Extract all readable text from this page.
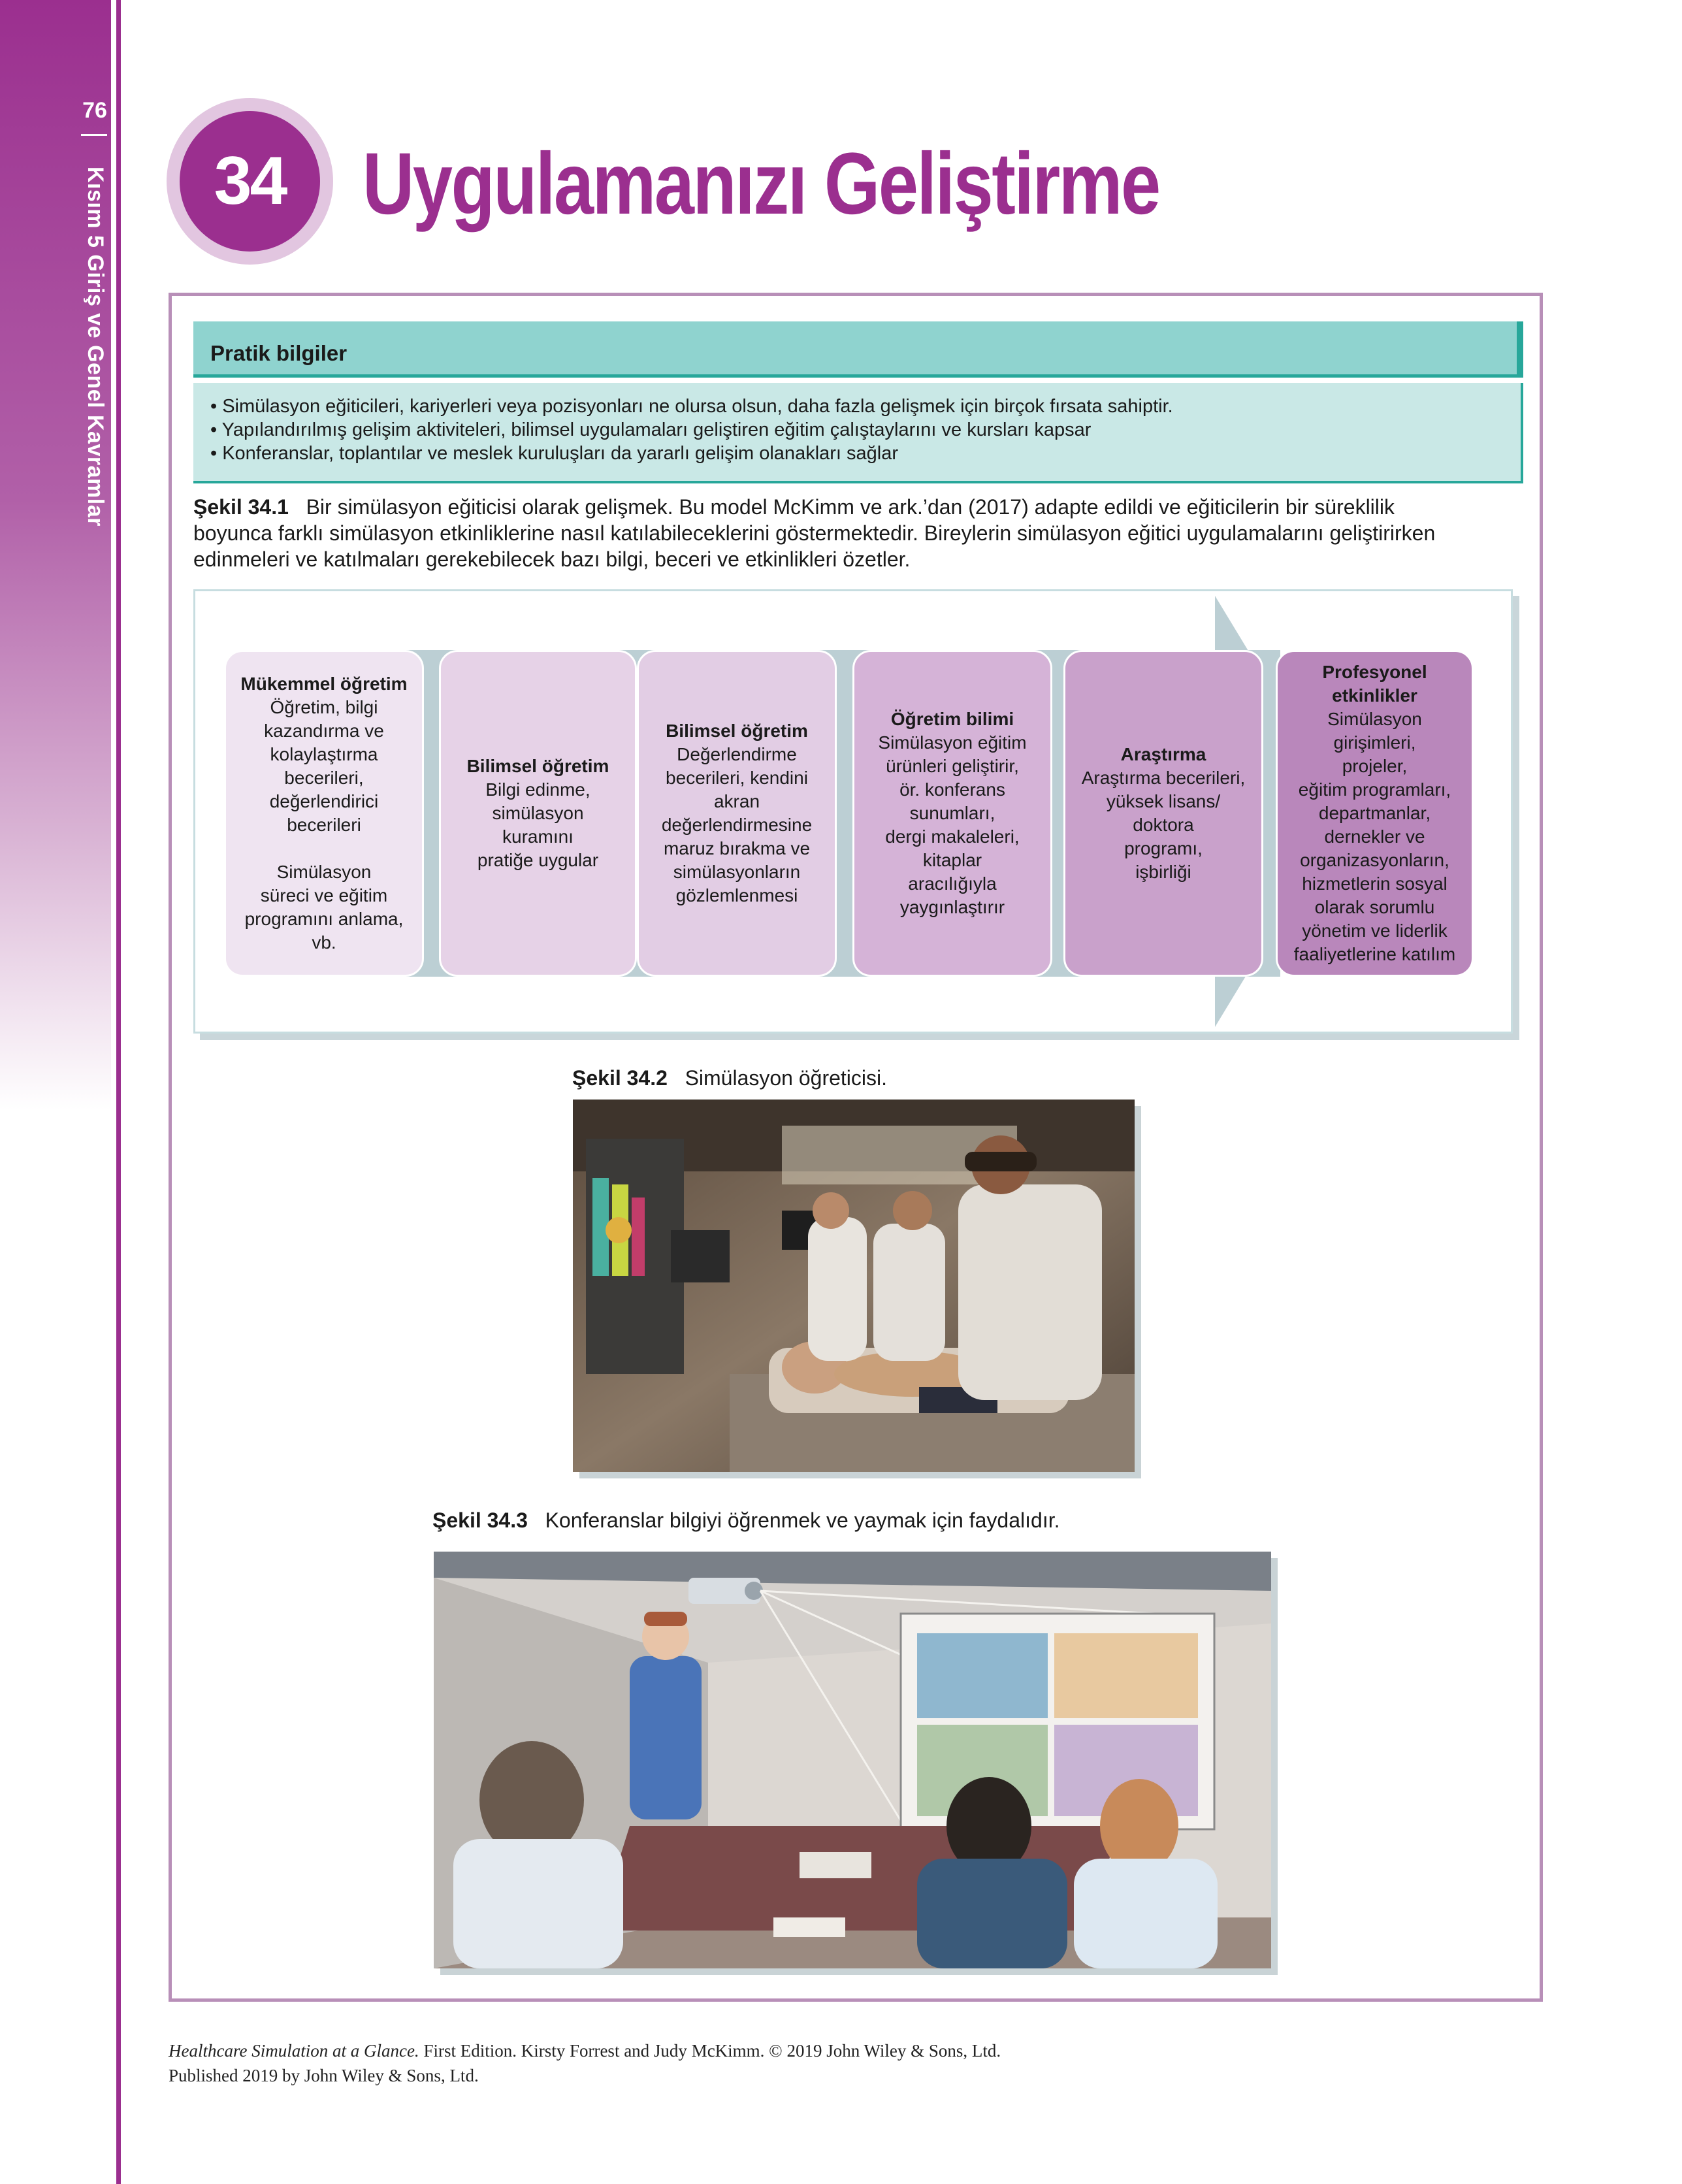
76
Kısım 5 Giriş ve Genel Kavramlar	34 Uygulamanızı Geliştirme
Pratik bilgiler
• Simülasyon eğiticileri, kariyerleri veya pozisyonları ne olursa olsun, daha fazla gelişmek için birçok fırsata sahiptir.
• Yapılandırılmış gelişim aktiviteleri, bilimsel uygulamaları geliştiren eğitim çalıştaylarını ve kursları kapsar
• Konferanslar, toplantılar ve meslek kuruluşları da yararlı gelişim olanakları sağlar
Şekil 34.1 Bir simülasyon eğiticisi olarak gelişmek. Bu model McKimm ve ark.’dan (2017) adapte edildi ve eğiticilerin bir süreklilik
boyunca farklı simülasyon etkinliklerine nasıl katılabileceklerini göstermektedir. Bireylerin simülasyon eğitici uygulamalarını geliştirirken
edinmeleri ve katılmaları gerekebilecek bazı bilgi, beceri ve etkinlikleri özetler.
Mükemmel öğretim
Öğretim, bilgi
kazandırma ve
kolaylaştırma
becerileri,
değerlendirici
becerileri
Simülasyon
süreci ve eğitim
programını anlama,
vb.
Bilimsel öğretim
Bilgi edinme,
simülasyon
kuramını
pratiğe uygular
Bilimsel öğretim
Değerlendirme
becerileri, kendini
akran
değerlendirmesine
maruz bırakma ve
simülasyonların
gözlemlenmesi
Öğretim bilimi
Simülasyon eğitim
ürünleri geliştirir,
ör. konferans
sunumları,
dergi makaleleri,
kitaplar
aracılığıyla
yaygınlaştırır
Araştırma
Araştırma becerileri,
yüksek lisans/
doktora
programı,
işbirliği
Profesyonel etkinlikler
Simülasyon
girişimleri,
projeler,
eğitim programları,
departmanlar,
dernekler ve
organizasyonların,
hizmetlerin sosyal
olarak sorumlu
yönetim ve liderlik
faaliyetlerine katılım
Şekil 34.2 Simülasyon öğreticisi.
Şekil 34.3 Konferanslar bilgiyi öğrenmek ve yaymak için faydalıdır.
Healthcare Simulation at a Glance. First Edition. Kirsty Forrest and Judy McKimm. © 2019 John Wiley & Sons, Ltd.
Published 2019 by John Wiley & Sons, Ltd.
